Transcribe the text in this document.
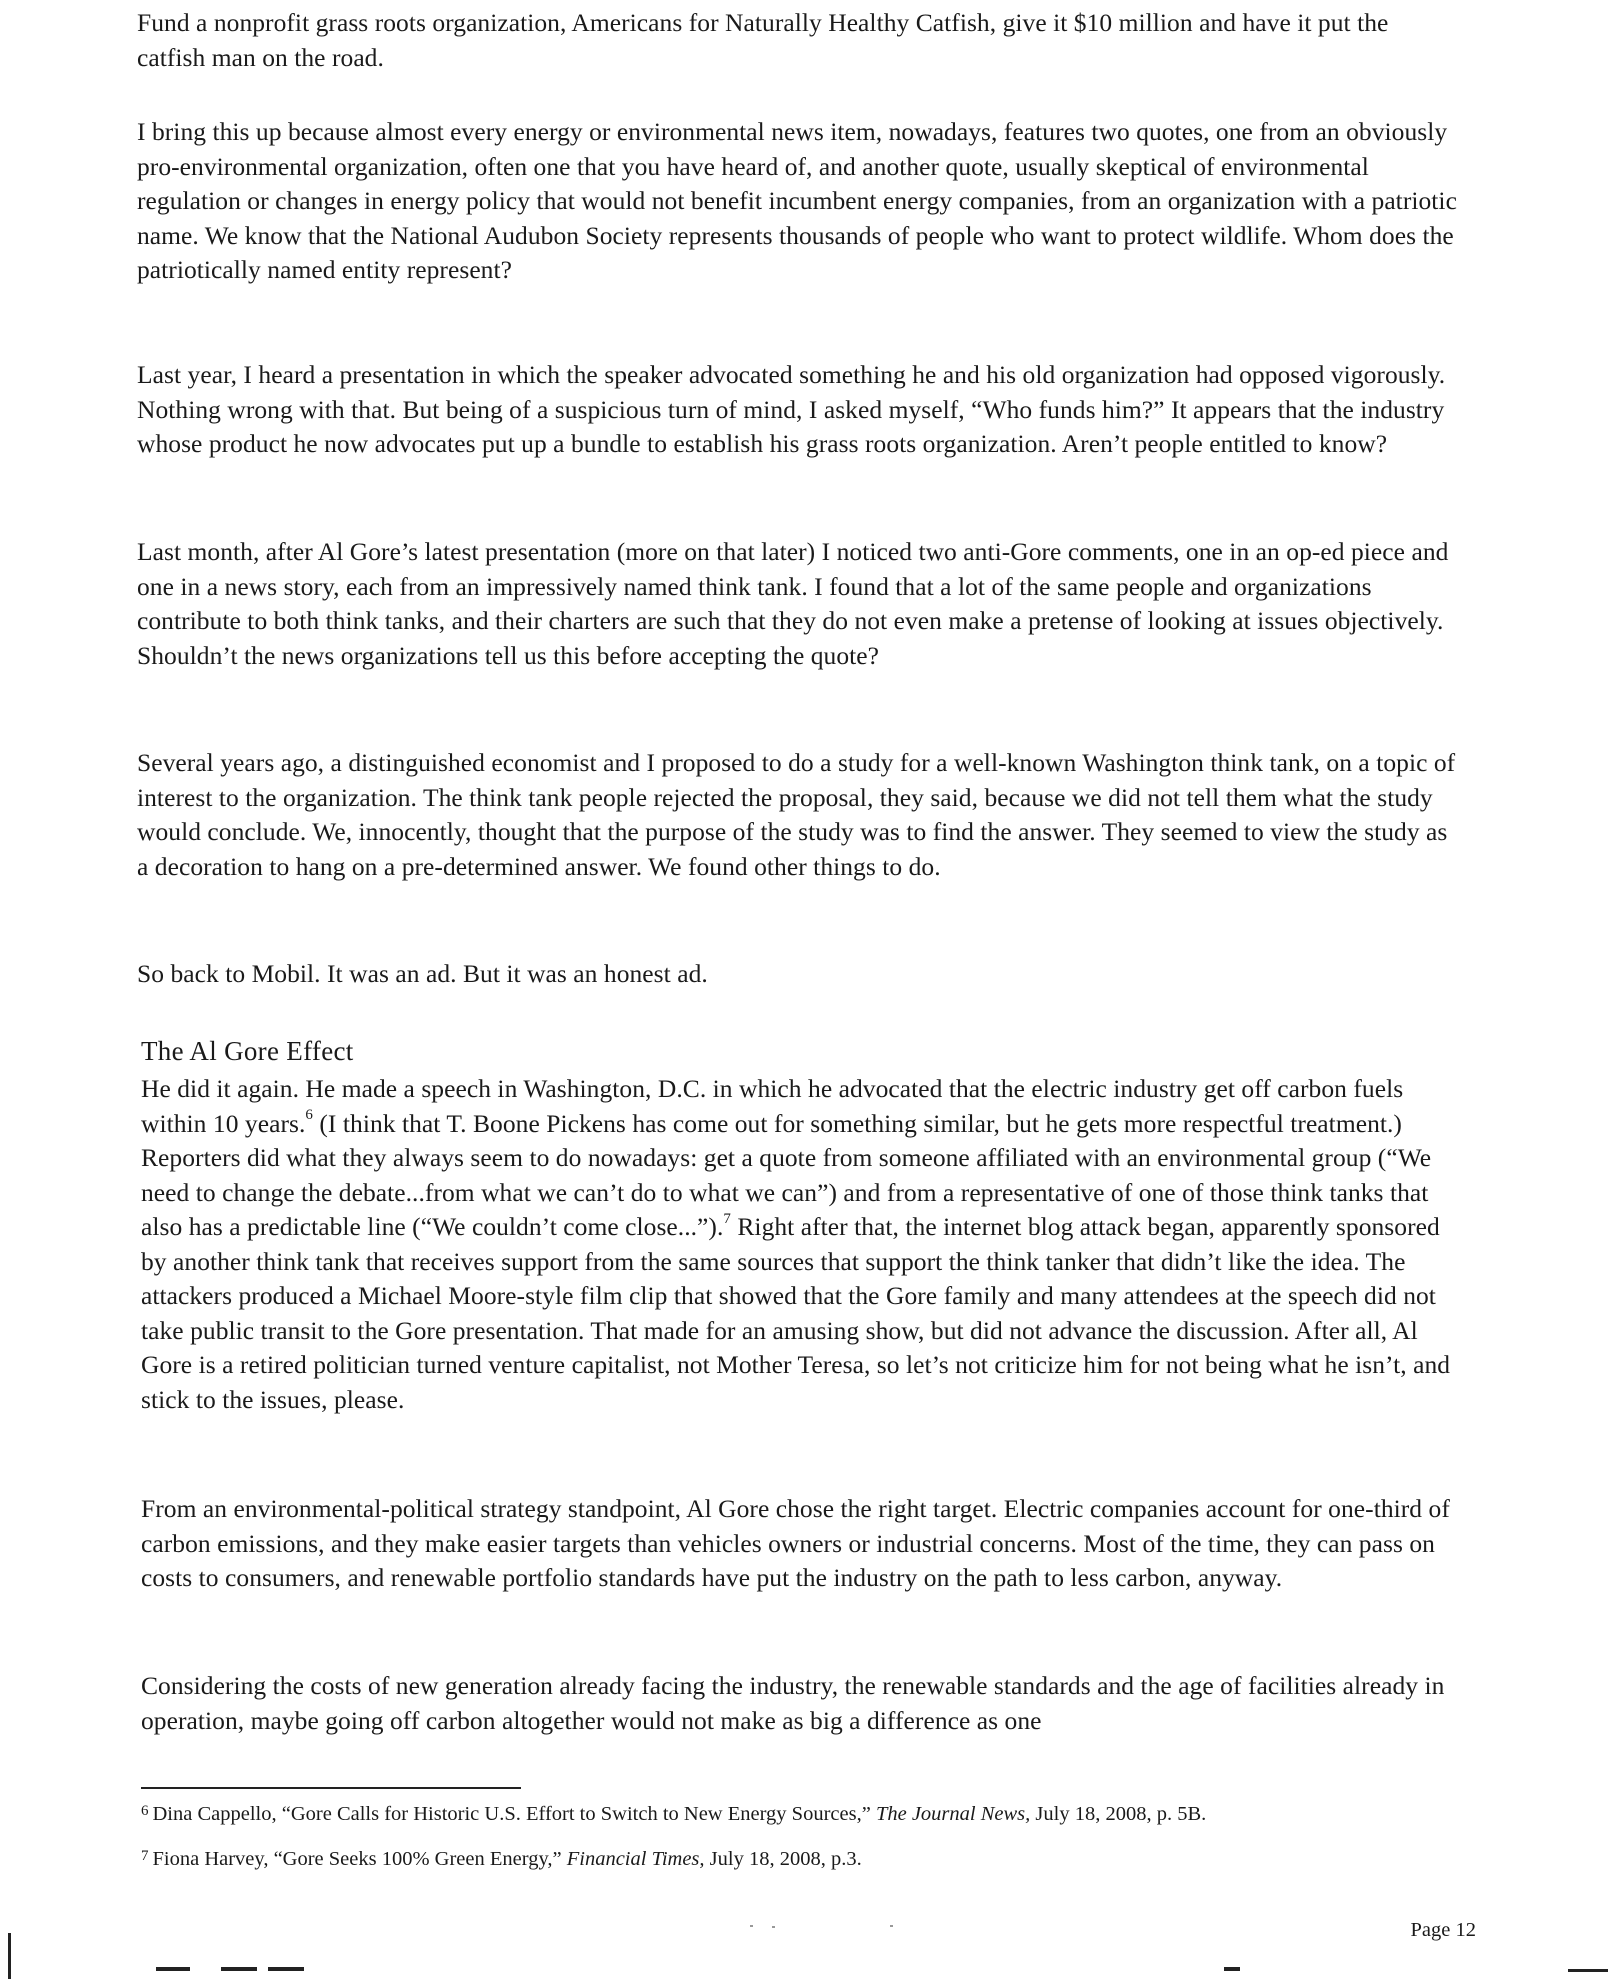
Fund a nonprofit grass roots organization, Americans for Naturally Healthy Catfish, give it $10 million and have it put the catfish man on the road.

I bring this up because almost every energy or environmental news item, nowadays, features two quotes, one from an obviously pro-environmental organization, often one that you have heard of, and another quote, usually skeptical of environmental regulation or changes in energy policy that would not benefit incumbent energy companies, from an organization with a patriotic name. We know that the National Audubon Society represents thousands of people who want to protect wildlife. Whom does the patriotically named entity represent?

Last year, I heard a presentation in which the speaker advocated something he and his old organization had opposed vigorously. Nothing wrong with that. But being of a suspicious turn of mind, I asked myself, “Who funds him?” It appears that the industry whose product he now advocates put up a bundle to establish his grass roots organization. Aren’t people entitled to know?

Last month, after Al Gore’s latest presentation (more on that later) I noticed two anti-Gore comments, one in an op-ed piece and one in a news story, each from an impressively named think tank. I found that a lot of the same people and organizations contribute to both think tanks, and their charters are such that they do not even make a pretense of looking at issues objectively. Shouldn’t the news organizations tell us this before accepting the quote?

Several years ago, a distinguished economist and I proposed to do a study for a well-known Washington think tank, on a topic of interest to the organization. The think tank people rejected the proposal, they said, because we did not tell them what the study would conclude. We, innocently, thought that the purpose of the study was to find the answer. They seemed to view the study as a decoration to hang on a pre-determined answer. We found other things to do.

So back to Mobil. It was an ad. But it was an honest ad.

The Al Gore Effect

He did it again. He made a speech in Washington, D.C. in which he advocated that the electric industry get off carbon fuels within 10 years.$^6$ (I think that T. Boone Pickens has come out for something similar, but he gets more respectful treatment.) Reporters did what they always seem to do nowadays: get a quote from someone affiliated with an environmental group (“We need to change the debate...from what we can’t do to what we can”) and from a representative of one of those think tanks that also has a predictable line (“We couldn’t come close...”).$^7$ Right after that, the internet blog attack began, apparently sponsored by another think tank that receives support from the same sources that support the think tanker that didn’t like the idea. The attackers produced a Michael Moore-style film clip that showed that the Gore family and many attendees at the speech did not take public transit to the Gore presentation. That made for an amusing show, but did not advance the discussion. After all, Al Gore is a retired politician turned venture capitalist, not Mother Teresa, so let’s not criticize him for not being what he isn’t, and stick to the issues, please.

From an environmental-political strategy standpoint, Al Gore chose the right target. Electric companies account for one-third of carbon emissions, and they make easier targets than vehicles owners or industrial concerns. Most of the time, they can pass on costs to consumers, and renewable portfolio standards have put the industry on the path to less carbon, anyway.

Considering the costs of new generation already facing the industry, the renewable standards and the age of facilities already in operation, maybe going off carbon altogether would not make as big a difference as one

$^6$ Dina Cappello, “Gore Calls for Historic U.S. Effort to Switch to New Energy Sources,” The Journal News, July 18, 2008, p. 5B.

$^7$ Fiona Harvey, “Gore Seeks 100% Green Energy,” Financial Times, July 18, 2008, p.3.

Page 12
